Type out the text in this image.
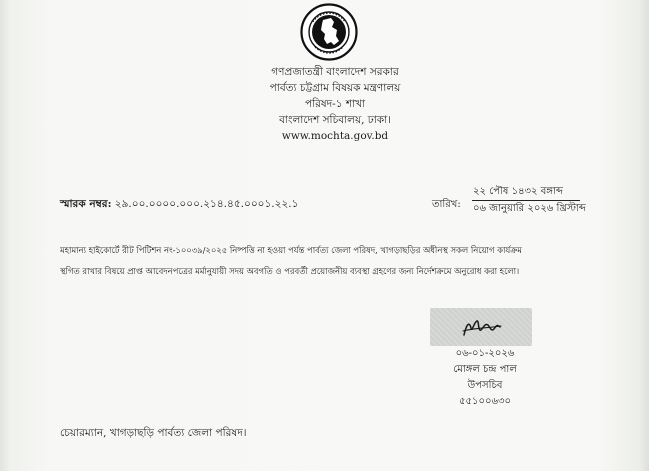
গণপ্রজাতন্ত্রী বাংলাদেশ সরকার
পার্বত্য চট্টগ্রাম বিষয়ক মন্ত্রণালয়
পরিষদ-১ শাখা
বাংলাদেশ সচিবালয়, ঢাকা।
www.mochta.gov.bd
স্মারক নম্বর: ২৯.০০.০০০০.০০০.২১৪.৪৫.০০০১.২২.১	তারিখ:
২২ পৌষ ১৪৩২ বঙ্গাব্দ
০৬ জানুয়ারি ২০২৬ খ্রিস্টাব্দ
মহামান্য হাইকোর্টে রীট পিটিশন নং-১০০৩৯/২০২৫ নিষ্পত্তি না হওয়া পর্যন্ত পার্বত্য জেলা পরিষদ, খাগড়াছড়ির অধীনস্থ সকল নিয়োগ কার্যক্রম
স্থগিত রাখার বিষয়ে প্রাপ্ত আবেদনপত্রের মর্মানুযায়ী সদয় অবগতি ও পরবর্তী প্রয়োজনীয় ব্যবস্থা গ্রহণের জন্য নির্দেশক্রমে অনুরোধ করা হলো।
০৬-০১-২০২৬
মোঙ্গল চন্দ্র পাল
উপসচিব
৫৫১০০৬৩০
চেয়ারম্যান, খাগড়াছড়ি পার্বত্য জেলা পরিষদ।
